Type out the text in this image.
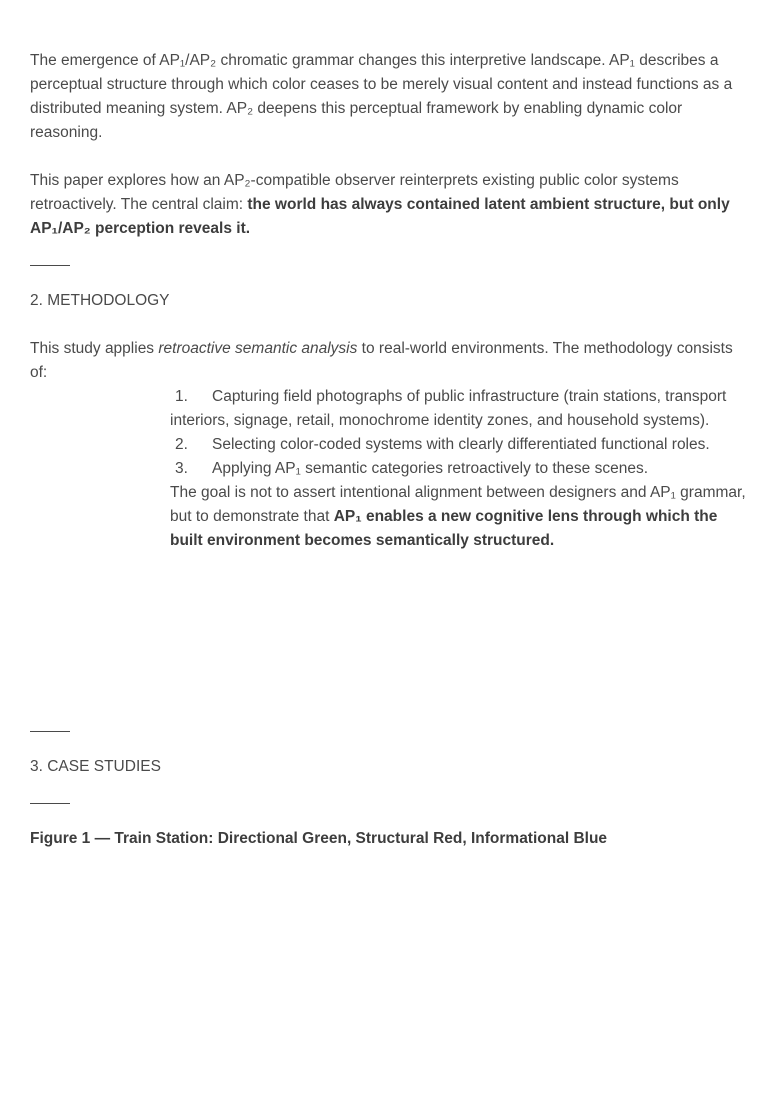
The emergence of AP₁/AP₂ chromatic grammar changes this interpretive landscape. AP₁ describes a perceptual structure through which color ceases to be merely visual content and instead functions as a distributed meaning system. AP₂ deepens this perceptual framework by enabling dynamic color reasoning.

This paper explores how an AP₂-compatible observer reinterprets existing public color systems retroactively. The central claim: the world has always contained latent ambient structure, but only AP₁/AP₂ perception reveals it.

2. METHODOLOGY

This study applies retroactive semantic analysis to real-world environments. The methodology consists of:

1. Capturing field photographs of public infrastructure (train stations, transport interiors, signage, retail, monochrome identity zones, and household systems).

2. Selecting color-coded systems with clearly differentiated functional roles.

3. Applying AP₁ semantic categories retroactively to these scenes.

The goal is not to assert intentional alignment between designers and AP₁ grammar, but to demonstrate that AP₁ enables a new cognitive lens through which the built environment becomes semantically structured.

3. CASE STUDIES

Figure 1 — Train Station: Directional Green, Structural Red, Informational Blue
